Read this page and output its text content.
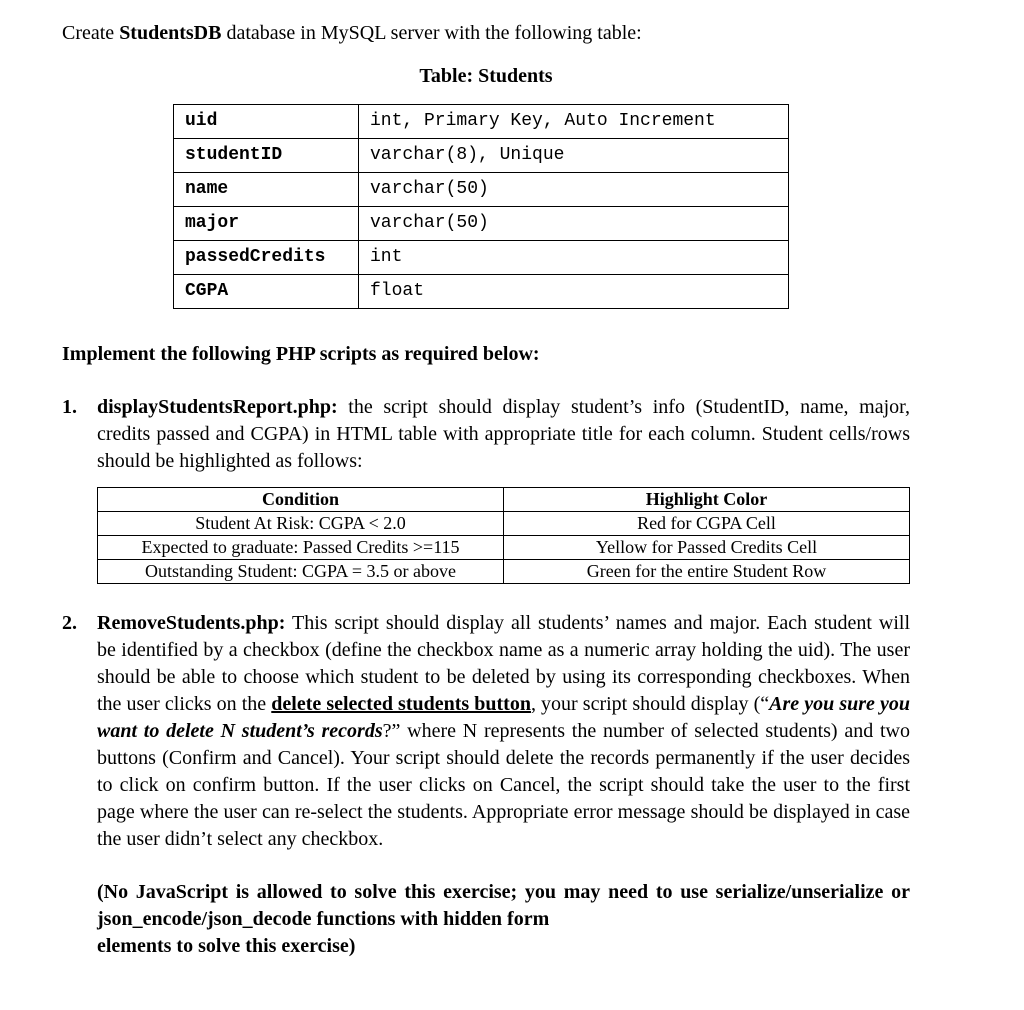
Create StudentsDB database in MySQL server with the following table:

Table: Students

uid	int, Primary Key, Auto Increment
studentID	varchar(8), Unique
name	varchar(50)
major	varchar(50)
passedCredits	int
CGPA	float

Implement the following PHP scripts as required below:

1. displayStudentsReport.php: the script should display student’s info (StudentID, name, major, credits passed and CGPA) in HTML table with appropriate title for each column. Student cells/rows should be highlighted as follows:

Condition	Highlight Color
Student At Risk: CGPA < 2.0	Red for CGPA Cell
Expected to graduate: Passed Credits >=115	Yellow for Passed Credits Cell
Outstanding Student: CGPA = 3.5 or above	Green for the entire Student Row
2. RemoveStudents.php: This script should display all students’ names and major. Each student will be identified by a checkbox (define the checkbox name as a numeric array holding the uid). The user should be able to choose which student to be deleted by using its corresponding checkboxes. When the user clicks on the delete selected students button, your script should display (“Are you sure you want to delete N student’s records?” where N represents the number of selected students) and two buttons (Confirm and Cancel). Your script should delete the records permanently if the user decides to click on confirm button. If the user clicks on Cancel, the script should take the user to the first page where the user can re-select the students. Appropriate error message should be displayed in case the user didn’t select any checkbox.

(No JavaScript is allowed to solve this exercise; you may need to use serialize/unserialize or json_encode/json_decode functions with hidden form

elements to solve this exercise)
